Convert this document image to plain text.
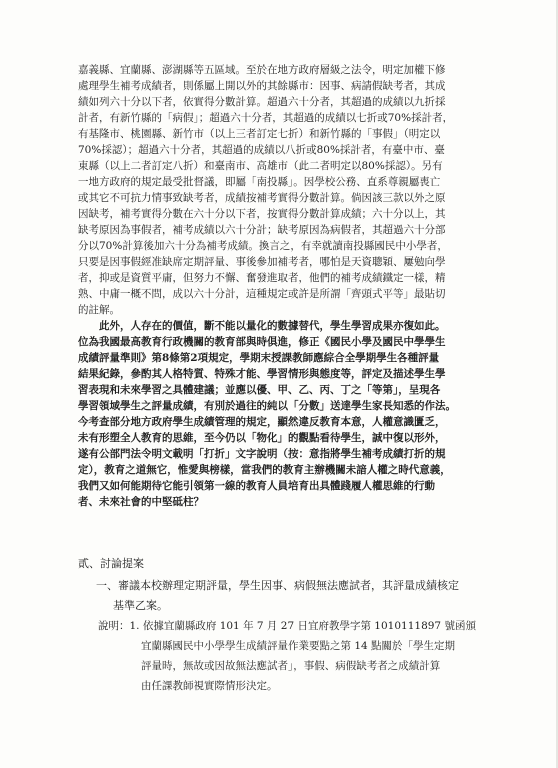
嘉義縣、宜蘭縣、澎湖縣等五區域。至於在地方政府層級之法令，明定加權下修
處理學生補考成績者，則係屬上開以外的其餘縣市：因事、病請假缺考者，其成
績如列六十分以下者，依實得分數計算。超過六十分者，其超過的成績以九折採
計者，有新竹縣的「病假」；超過六十分者，其超過的成績以七折或70%採計者，
有基隆市、桃園縣、新竹市（以上三者訂定七折）和新竹縣的「事假」（明定以
70%採認）；超過六十分者，其超過的成績以八折或80%採計者，有臺中市、臺
東縣（以上二者訂定八折）和臺南市、高雄市（此二者明定以80%採認）。另有
一地方政府的規定最受批督議，即屬「南投縣」。因學校公務、直系尊親屬喪亡
或其它不可抗力情事致缺考者，成績按補考實得分數計算。倘因該三款以外之原
因缺考，補考實得分數在六十分以下者，按實得分數計算成績；六十分以上，其
缺考原因為事假者，補考成績以六十分計；缺考原因為病假者，其超過六十分部
分以70%計算後加六十分為補考成績。換言之，有幸就讀南投縣國民中小學者，
只要是因事假經准缺席定期評量、事後參加補考者，哪怕是天資聰穎、屢勉向學
者，抑或是資質平庸，但努力不懈、奮發進取者，他們的補考成績鐵定一樣，精
熟、中庸一概不問，成以六十分計，這種規定或許是所謂「齊頭式平等」最貼切
的註解。
此外，人存在的價值，斷不能以量化的數據替代，學生學習成果亦復如此。
位為我國最高教育行政機關的教育部與時俱進，修正《國民小學及國民中學學生
成績評量準則》第8條第2項規定，學期末授課教師應綜合全學期學生各種評量
結果紀錄，參酌其人格特質、特殊才能、學習情形與態度等，評定及描述學生學
習表現和未來學習之具體建議；並應以優、甲、乙、丙、丁之「等第」，呈現各
學習領域學生之評量成績，有別於過往的純以「分數」送達學生家長知悉的作法。
今考查部分地方政府學生成績管理的規定，顯然違反教育本意，人權意識匱乏，
未有形塑全人教育的思維，至今仍以「物化」的觀點看待學生，誠中復以形外，
遂有公部門法令明文載明「打折」文字說明（按：意指將學生補考成績打折的規
定），教育之道無它，惟愛與榜樣，當我們的教育主辦機關未諳人權之時代意義，
我們又如何能期待它能引領第一線的教育人員培育出具體踐履人權思維的行動
者、未來社會的中堅砥柱？
貳、討論提案
一、審議本校辦理定期評量，學生因事、病假無法應試者，其評量成績核定
基準乙案。
說明：1. 依據宜蘭縣政府 101 年 7 月 27 日宜府教學字第 1010111897 號函頒
宜蘭縣國民中小學學生成績評量作業要點之第 14 點關於「學生定期
評量時，無故或因故無法應試者」，事假、病假缺考者之成績計算
由任課教師視實際情形決定。
